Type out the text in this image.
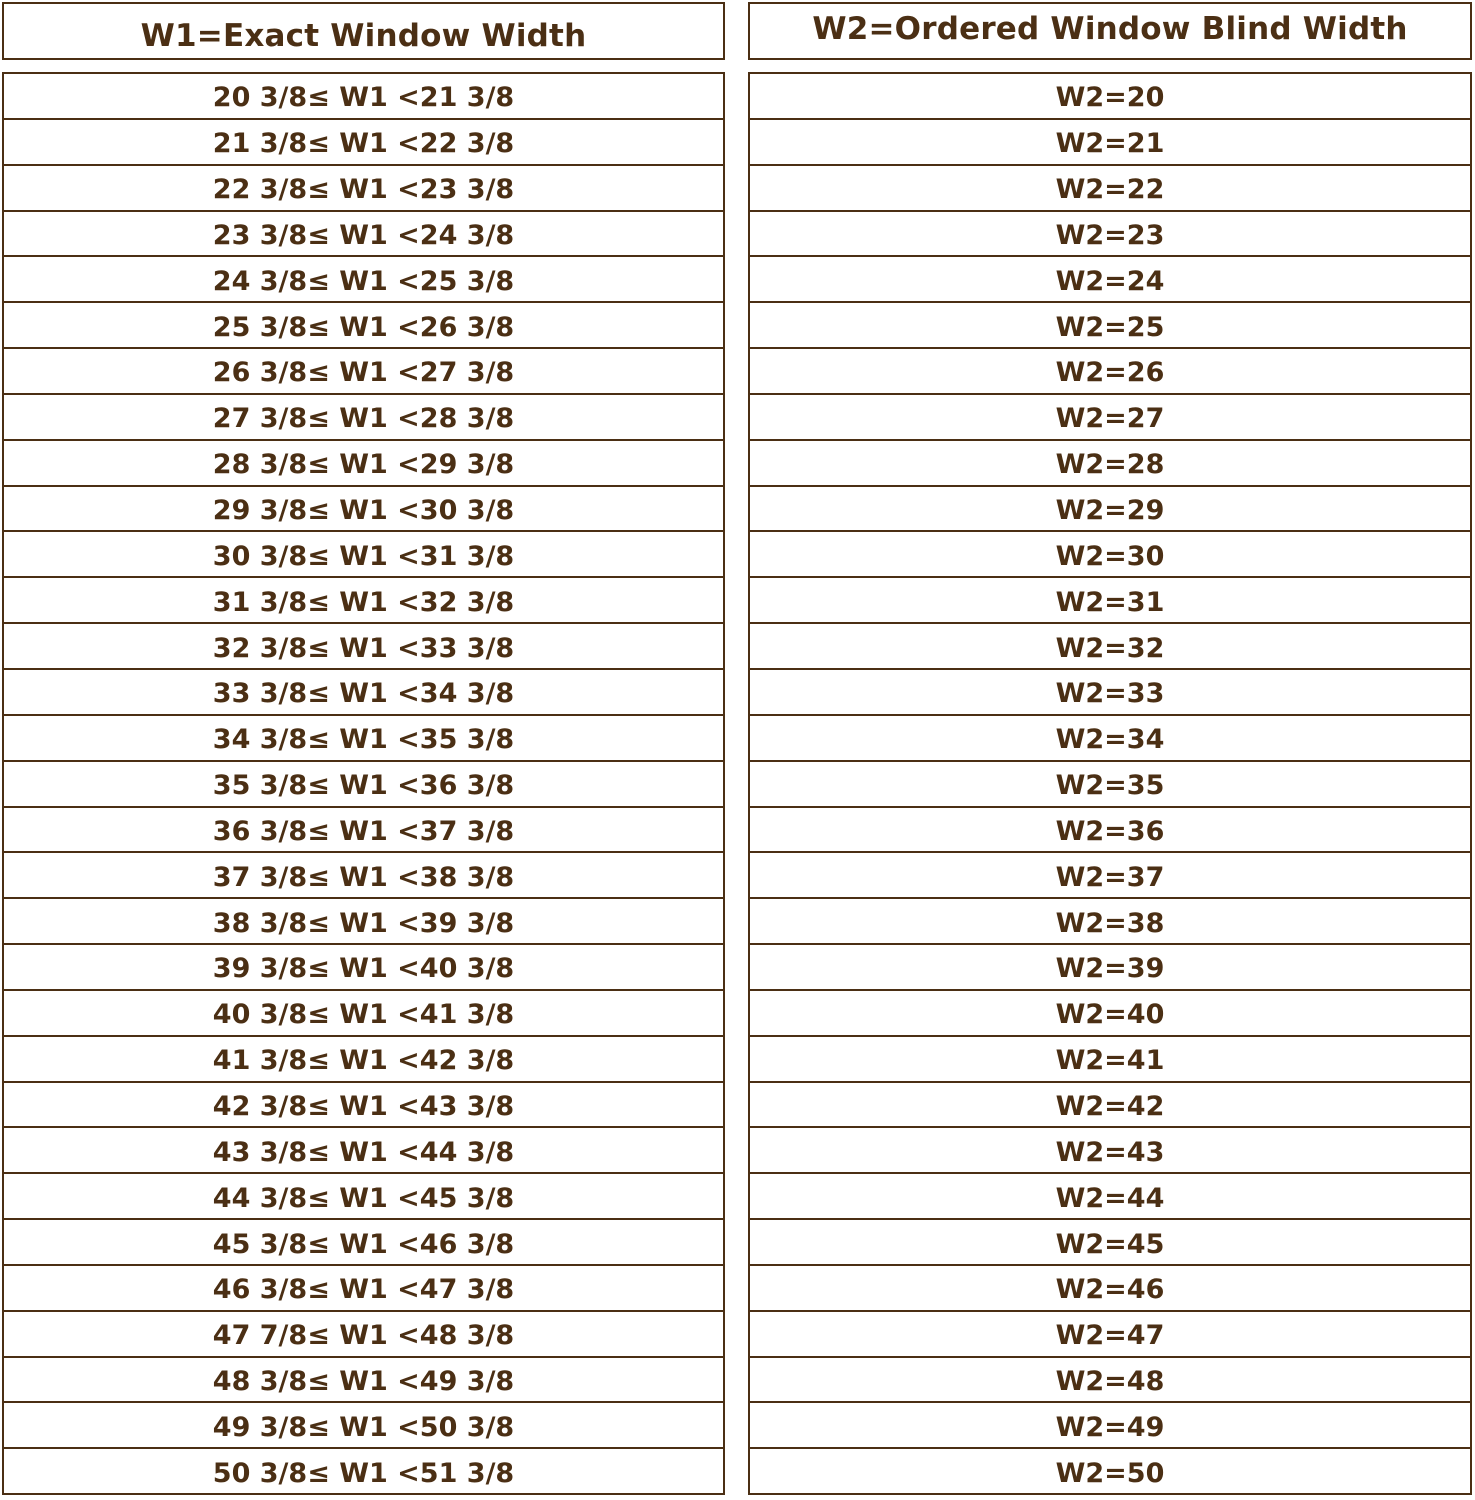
W1=Exact Window Width
20 3/8≤ W1 <21 3/8
21 3/8≤ W1 <22 3/8
22 3/8≤ W1 <23 3/8
23 3/8≤ W1 <24 3/8
24 3/8≤ W1 <25 3/8
25 3/8≤ W1 <26 3/8
26 3/8≤ W1 <27 3/8
27 3/8≤ W1 <28 3/8
28 3/8≤ W1 <29 3/8
29 3/8≤ W1 <30 3/8
30 3/8≤ W1 <31 3/8
31 3/8≤ W1 <32 3/8
32 3/8≤ W1 <33 3/8
33 3/8≤ W1 <34 3/8
34 3/8≤ W1 <35 3/8
35 3/8≤ W1 <36 3/8
36 3/8≤ W1 <37 3/8
37 3/8≤ W1 <38 3/8
38 3/8≤ W1 <39 3/8
39 3/8≤ W1 <40 3/8
40 3/8≤ W1 <41 3/8
41 3/8≤ W1 <42 3/8
42 3/8≤ W1 <43 3/8
43 3/8≤ W1 <44 3/8
44 3/8≤ W1 <45 3/8
45 3/8≤ W1 <46 3/8
46 3/8≤ W1 <47 3/8
47 7/8≤ W1 <48 3/8
48 3/8≤ W1 <49 3/8
49 3/8≤ W1 <50 3/8
50 3/8≤ W1 <51 3/8
W2=Ordered Window Blind Width
W2=20
W2=21
W2=22
W2=23
W2=24
W2=25
W2=26
W2=27
W2=28
W2=29
W2=30
W2=31
W2=32
W2=33
W2=34
W2=35
W2=36
W2=37
W2=38
W2=39
W2=40
W2=41
W2=42
W2=43
W2=44
W2=45
W2=46
W2=47
W2=48
W2=49
W2=50
